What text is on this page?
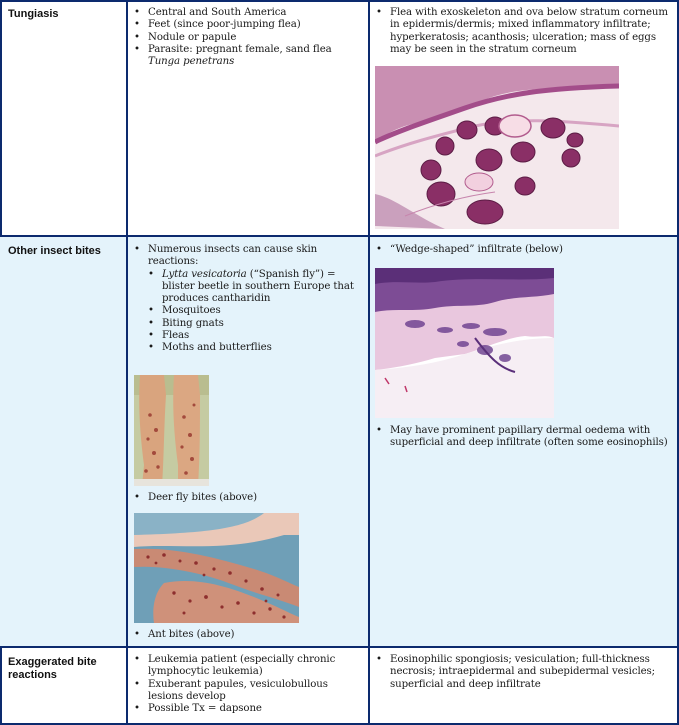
Tungiasis	• Central and South America
• Feet (since poor-jumping flea)
• Nodule or papule
• Parasite: pregnant female, sand flea
Tunga penetrans
• Flea with exoskeleton and ova below stratum corneum in epidermis/dermis; mixed inflammatory infiltrate; hyperkeratosis; acanthosis; ulceration; mass of eggs may be seen in the stratum corneum
Other insect bites	• Numerous insects can cause skin reactions:
• Lytta vesicatoria (“Spanish fly”) = blister beetle in southern Europe that produces cantharidin
• Mosquitoes
• Biting gnats
• Fleas
• Moths and butterflies
• Deer fly bites (above)
• Ant bites (above)
• “Wedge-shaped” infiltrate (below)
• May have prominent papillary dermal oedema with superficial and deep infiltrate (often some eosinophils)
Exaggerated bite reactions
• Leukemia patient (especially chronic lymphocytic leukemia)
• Exuberant papules, vesiculobullous lesions develop
• Possible Tx = dapsone
• Eosinophilic spongiosis; vesiculation; full-thickness necrosis; intraepidermal and subepidermal vesicles; superficial and deep infiltrate
